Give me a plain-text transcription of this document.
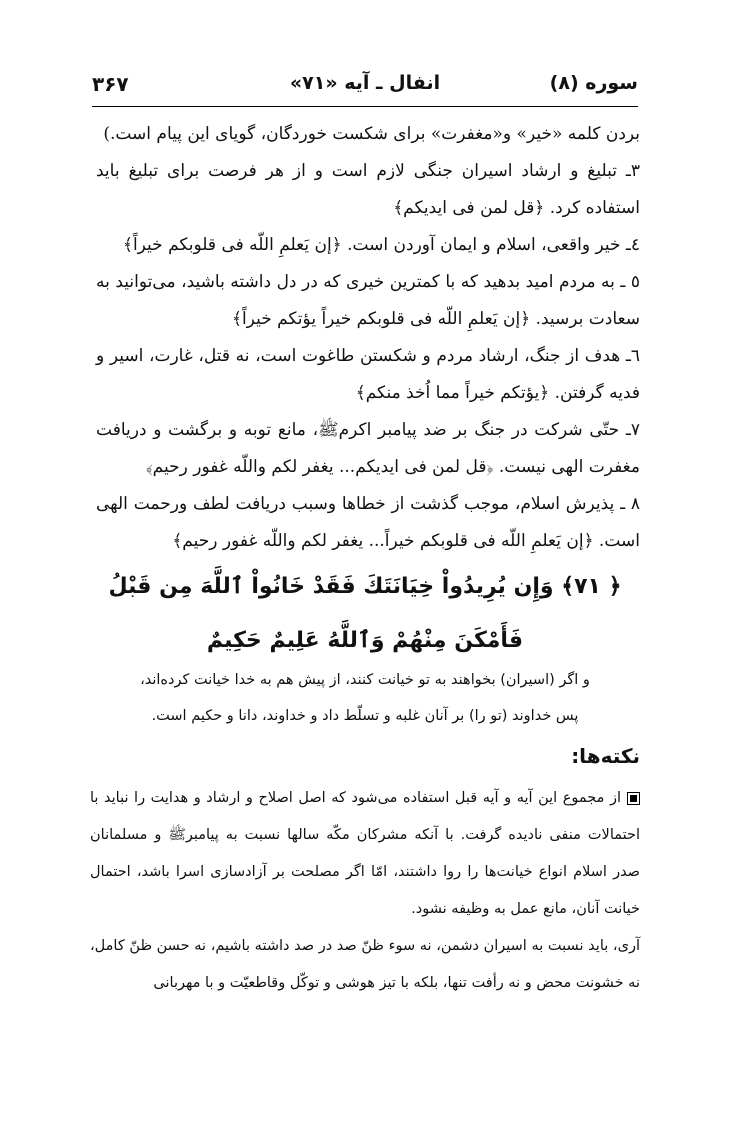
سوره (۸)
انفال ـ آیه «۷۱»
۳۶۷

بردن کلمه «خیر» و«مغفرت» برای شکست خوردگان، گویای این پیام است.)

۳ـ تبلیغ و ارشاد اسیران جنگی لازم است و از هر فرصت برای تبلیغ باید استفاده کرد. ﴿قل لمن فی ایدیکم﴾

٤ـ خیر واقعی، اسلام و ایمان آوردن است. ﴿إن یَعلمِ اللّه فی قلوبکم خیراً﴾

٥ ـ به مردم امید بدهید که با کمترین خیری که در دل داشته باشید، می‌توانید به سعادت برسید. ﴿إن یَعلمِ اللّه فی قلوبکم خیراً یؤتکم خیراً﴾

٦ـ هدف از جنگ، ارشاد مردم و شکستن طاغوت است، نه قتل، غارت، اسیر و فدیه گرفتن. ﴿یؤتکم خیراً مما اُخذ منکم﴾

۷ـ حتّی شرکت در جنگ بر ضد پیامبر اکرمﷺ، مانع توبه و برگشت و دریافت مغفرت الهی نیست. ﴿قل لمن فی ایدیکم... یغفر لکم واللّه غفور رحیم﴾

۸ ـ پذیرش اسلام، موجب گذشت از خطاها وسبب دریافت لطف ورحمت الهی است. ﴿إن یَعلمِ اللّه فی قلوبکم خیراً... یغفر لکم واللّه غفور رحیم﴾

﴿ ۷۱﴾ وَإِن يُرِيدُواْ خِيَانَتَكَ فَقَدْ خَانُواْ ٱللَّهَ مِن قَبْلُ فَأَمْكَنَ مِنْهُمْ وَٱللَّهُ عَلِيمٌ حَكِيمٌ
و اگر (اسیران) بخواهند به تو خیانت کنند، از پیش هم به خدا خیانت کرده‌اند، پس خداوند (تو را) بر آنان غلبه و تسلّط داد و خداوند، دانا و حکیم است.
نکته‌ها:

از مجموع این آیه و آیه قبل استفاده می‌شود که اصل اصلاح و ارشاد و هدایت را نباید با احتمالات منفی نادیده گرفت. با آنکه مشرکان مکّه سالها نسبت به پیامبرﷺ و مسلمانان صدر اسلام انواع خیانت‌ها را روا داشتند، امّا اگر مصلحت بر آزادسازی اسرا باشد، احتمال خیانت آنان، مانع عمل به وظیفه نشود.

آری، باید نسبت به اسیران دشمن، نه سوء ظنّ صد در صد داشته باشیم، نه حسن ظنّ کامل، نه خشونت محض و نه رأفت تنها، بلکه با تیز هوشی و توکّل وقاطعیّت و با مهربانی
